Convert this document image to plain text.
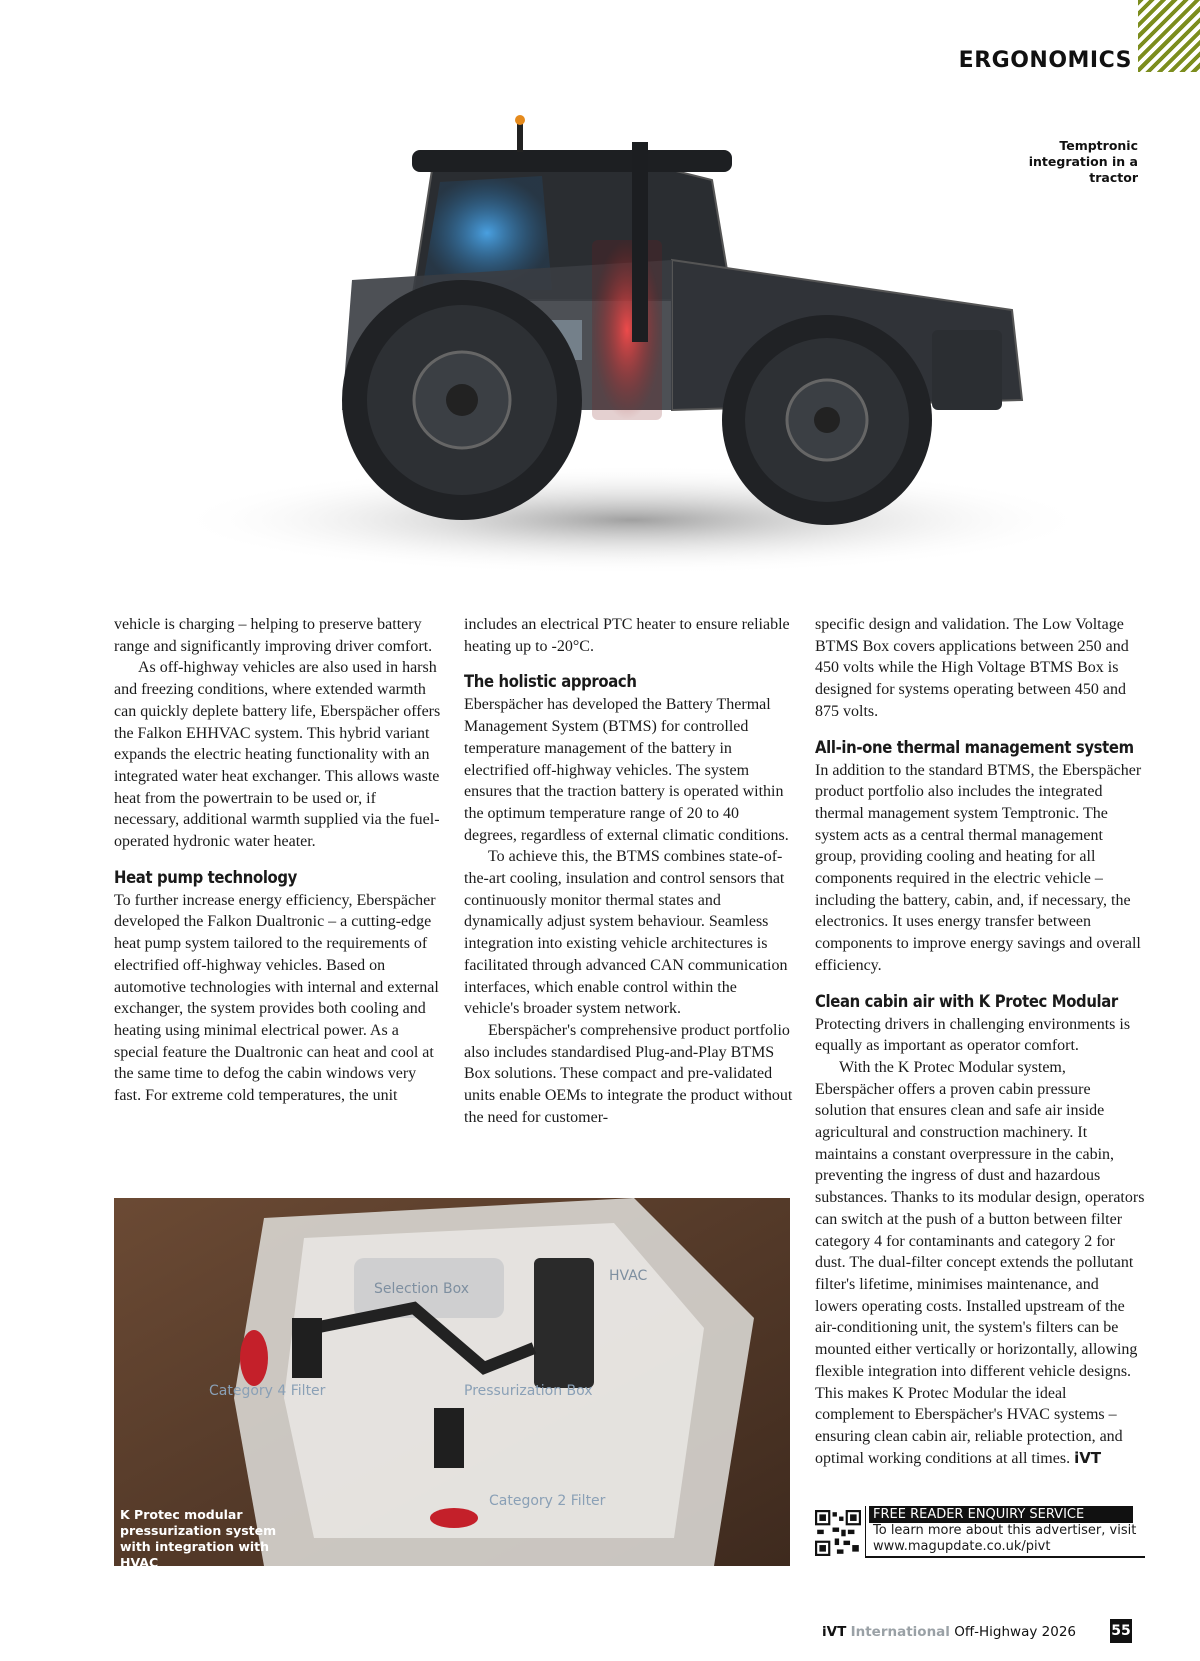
ERGONOMICS
Temptronic integration in a tractor

vehicle is charging – helping to preserve battery range and significantly improving driver comfort.

As off-highway vehicles are also used in harsh and freezing conditions, where extended warmth can quickly deplete battery life, Eberspächer offers the Falkon EHHVAC system. This hybrid variant expands the electric heating functionality with an integrated water heat exchanger. This allows waste heat from the powertrain to be used or, if necessary, additional warmth supplied via the fuel-operated hydronic water heater.

Heat pump technology

To further increase energy efficiency, Eberspächer developed the Falkon Dualtronic – a cutting-edge heat pump system tailored to the requirements of electrified off-highway vehicles. Based on automotive technologies with internal and external exchanger, the system provides both cooling and heating using minimal electrical power. As a special feature the Dualtronic can heat and cool at the same time to defog the cabin windows very fast. For extreme cold temperatures, the unit

includes an electrical PTC heater to ensure reliable heating up to -20°C.

The holistic approach

Eberspächer has developed the Battery Thermal Management System (BTMS) for controlled temperature management of the battery in electrified off-highway vehicles. The system ensures that the traction battery is operated within the optimum temperature range of 20 to 40 degrees, regardless of external climatic conditions.

To achieve this, the BTMS combines state-of-the-art cooling, insulation and control sensors that continuously monitor thermal states and dynamically adjust system behaviour. Seamless integration into existing vehicle architectures is facilitated through advanced CAN communication interfaces, which enable control within the vehicle's broader system network.

Eberspächer's comprehensive product portfolio also includes standardised Plug-and-Play BTMS Box solutions. These compact and pre-validated units enable OEMs to integrate the product without the need for customer-

specific design and validation. The Low Voltage BTMS Box covers applications between 250 and 450 volts while the High Voltage BTMS Box is designed for systems operating between 450 and 875 volts.

All-in-one thermal management system

In addition to the standard BTMS, the Eberspächer product portfolio also includes the integrated thermal management system Temptronic. The system acts as a central thermal management group, providing cooling and heating for all components required in the electric vehicle – including the battery, cabin, and, if necessary, the electronics. It uses energy transfer between components to improve energy savings and overall efficiency.

Clean cabin air with K Protec Modular

Protecting drivers in challenging environments is equally as important as operator comfort.

With the K Protec Modular system, Eberspächer offers a proven cabin pressure solution that ensures clean and safe air inside agricultural and construction machinery. It maintains a constant overpressure in the cabin, preventing the ingress of dust and hazardous substances. Thanks to its modular design, operators can switch at the push of a button between filter category 4 for contaminants and category 2 for dust. The dual-filter concept extends the pollutant filter's lifetime, minimises maintenance, and lowers operating costs. Installed upstream of the air-conditioning unit, the system's filters can be mounted either vertically or horizontally, allowing flexible integration into different vehicle designs. This makes K Protec Modular the ideal complement to Eberspächer's HVAC systems – ensuring clean cabin air, reliable protection, and optimal working conditions at all times. iVT

Selection Box
HVAC
Category 4 Filter	Pressurization Box
Category 2 Filter
K Protec modular pressurization system with integration with HVAC
FREE READER ENQUIRY SERVICE
To learn more about this advertiser, visit
www.magupdate.co.uk/pivt
iVT International Off-Highway 2026	55
